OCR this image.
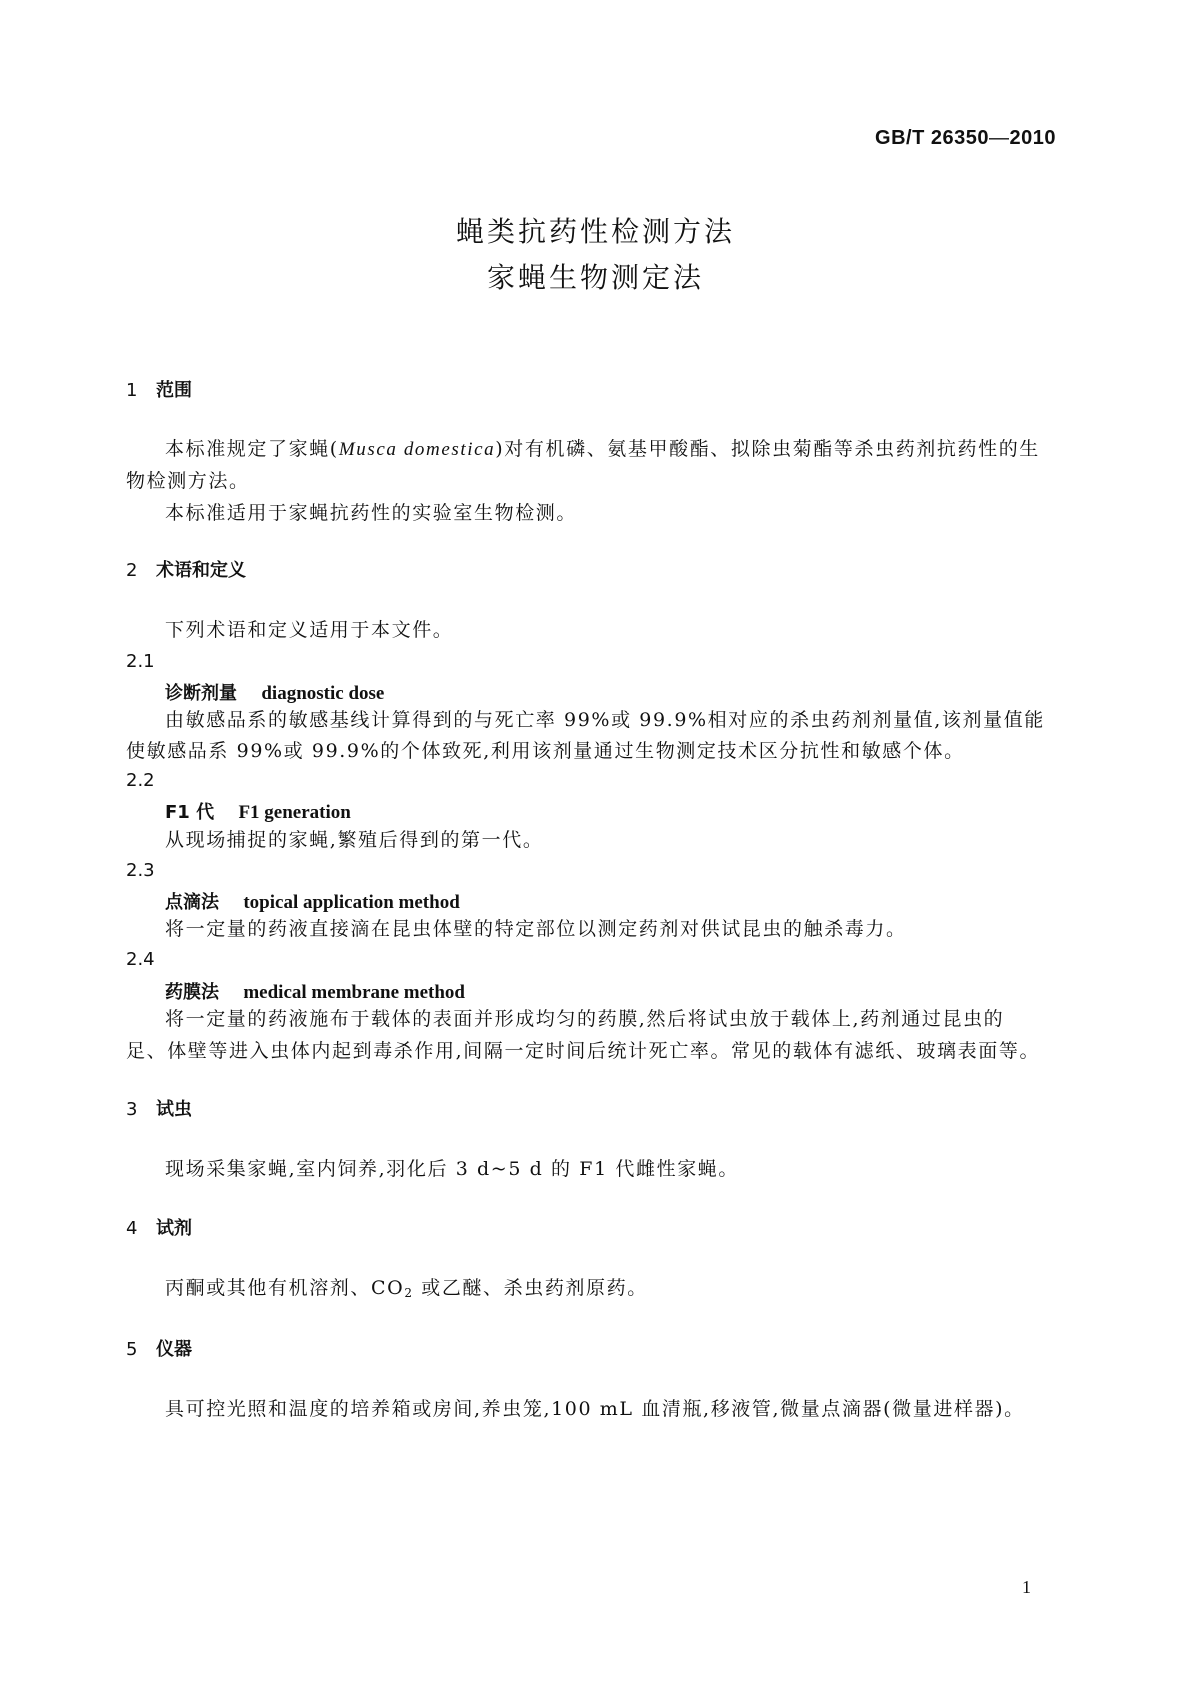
GB/T 26350—2010
蝇类抗药性检测方法
家蝇生物测定法
1 范围
本标准规定了家蝇(Musca domestica)对有机磷、氨基甲酸酯、拟除虫菊酯等杀虫药剂抗药性的生
物检测方法。
本标准适用于家蝇抗药性的实验室生物检测。
2 术语和定义
下列术语和定义适用于本文件。
2.1
诊断剂量 diagnostic dose
由敏感品系的敏感基线计算得到的与死亡率 99%或 99.9%相对应的杀虫药剂剂量值,该剂量值能
使敏感品系 99%或 99.9%的个体致死,利用该剂量通过生物测定技术区分抗性和敏感个体。
2.2
F1 代 F1 generation
从现场捕捉的家蝇,繁殖后得到的第一代。
2.3
点滴法 topical application method
将一定量的药液直接滴在昆虫体壁的特定部位以测定药剂对供试昆虫的触杀毒力。
2.4
药膜法 medical membrane method
将一定量的药液施布于载体的表面并形成均匀的药膜,然后将试虫放于载体上,药剂通过昆虫的
足、体壁等进入虫体内起到毒杀作用,间隔一定时间后统计死亡率。常见的载体有滤纸、玻璃表面等。
3 试虫
现场采集家蝇,室内饲养,羽化后 3 d~5 d 的 F1 代雌性家蝇。
4 试剂
丙酮或其他有机溶剂、$CO_2$ 或乙醚、杀虫药剂原药。
5 仪器
具可控光照和温度的培养箱或房间,养虫笼,100 mL 血清瓶,移液管,微量点滴器(微量进样器)。
1
